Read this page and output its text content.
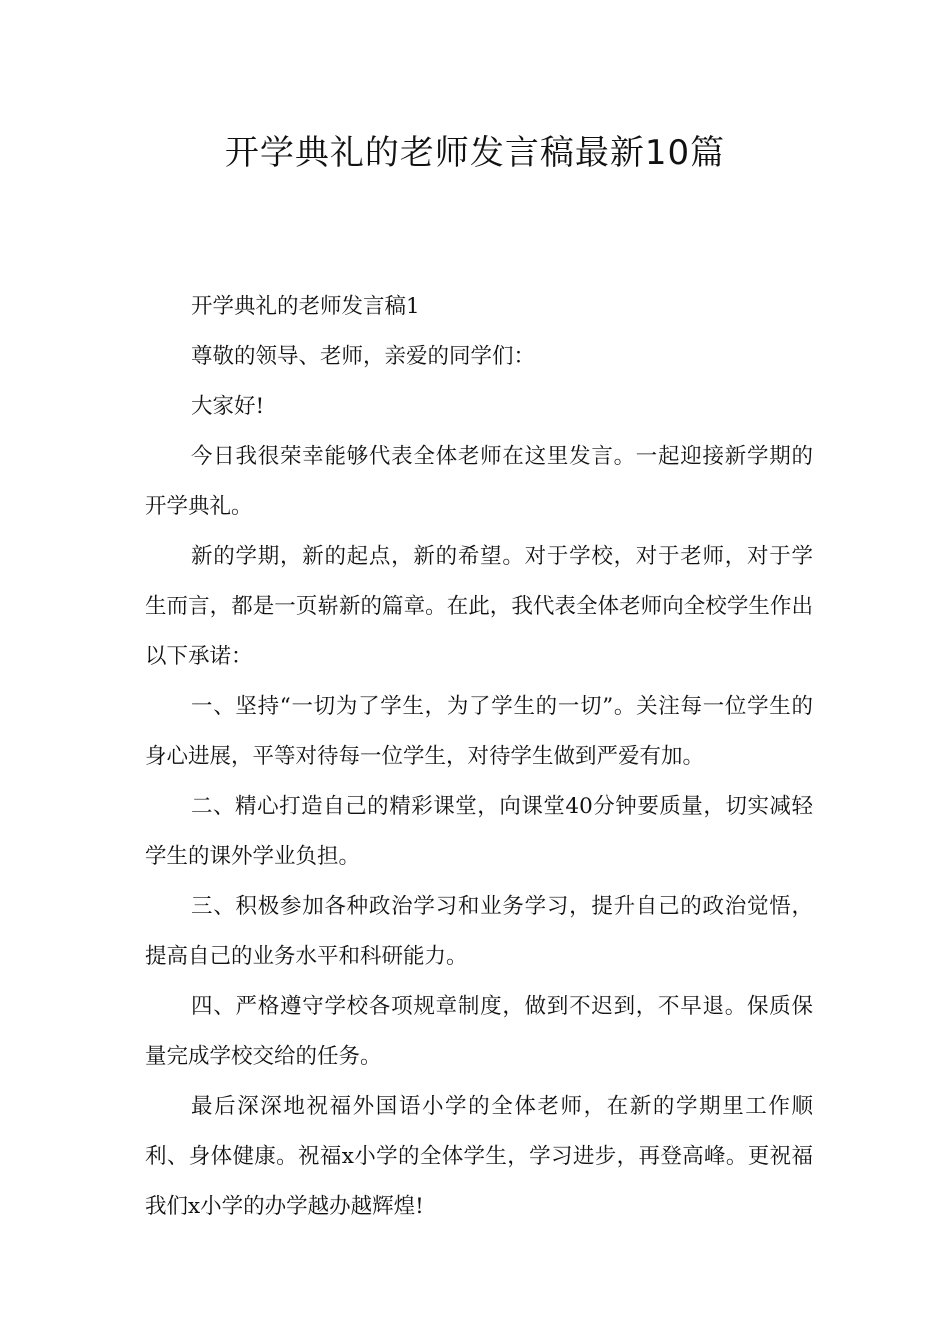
开学典礼的老师发言稿最新10篇

开学典礼的老师发言稿1

尊敬的领导、老师，亲爱的同学们：

大家好!

今日我很荣幸能够代表全体老师在这里发言。一起迎接新学期的开学典礼。

新的学期，新的起点，新的希望。对于学校，对于老师，对于学生而言，都是一页崭新的篇章。在此，我代表全体老师向全校学生作出以下承诺：

一、坚持“一切为了学生，为了学生的一切”。关注每一位学生的身心进展，平等对待每一位学生，对待学生做到严爱有加。

二、精心打造自己的精彩课堂，向课堂40分钟要质量，切实减轻学生的课外学业负担。

三、积极参加各种政治学习和业务学习，提升自己的政治觉悟，提高自己的业务水平和科研能力。

四、严格遵守学校各项规章制度，做到不迟到，不早退。保质保量完成学校交给的任务。

最后深深地祝福外国语小学的全体老师，在新的学期里工作顺利、身体健康。祝福x小学的全体学生，学习进步，再登高峰。更祝福我们x小学的办学越办越辉煌!
